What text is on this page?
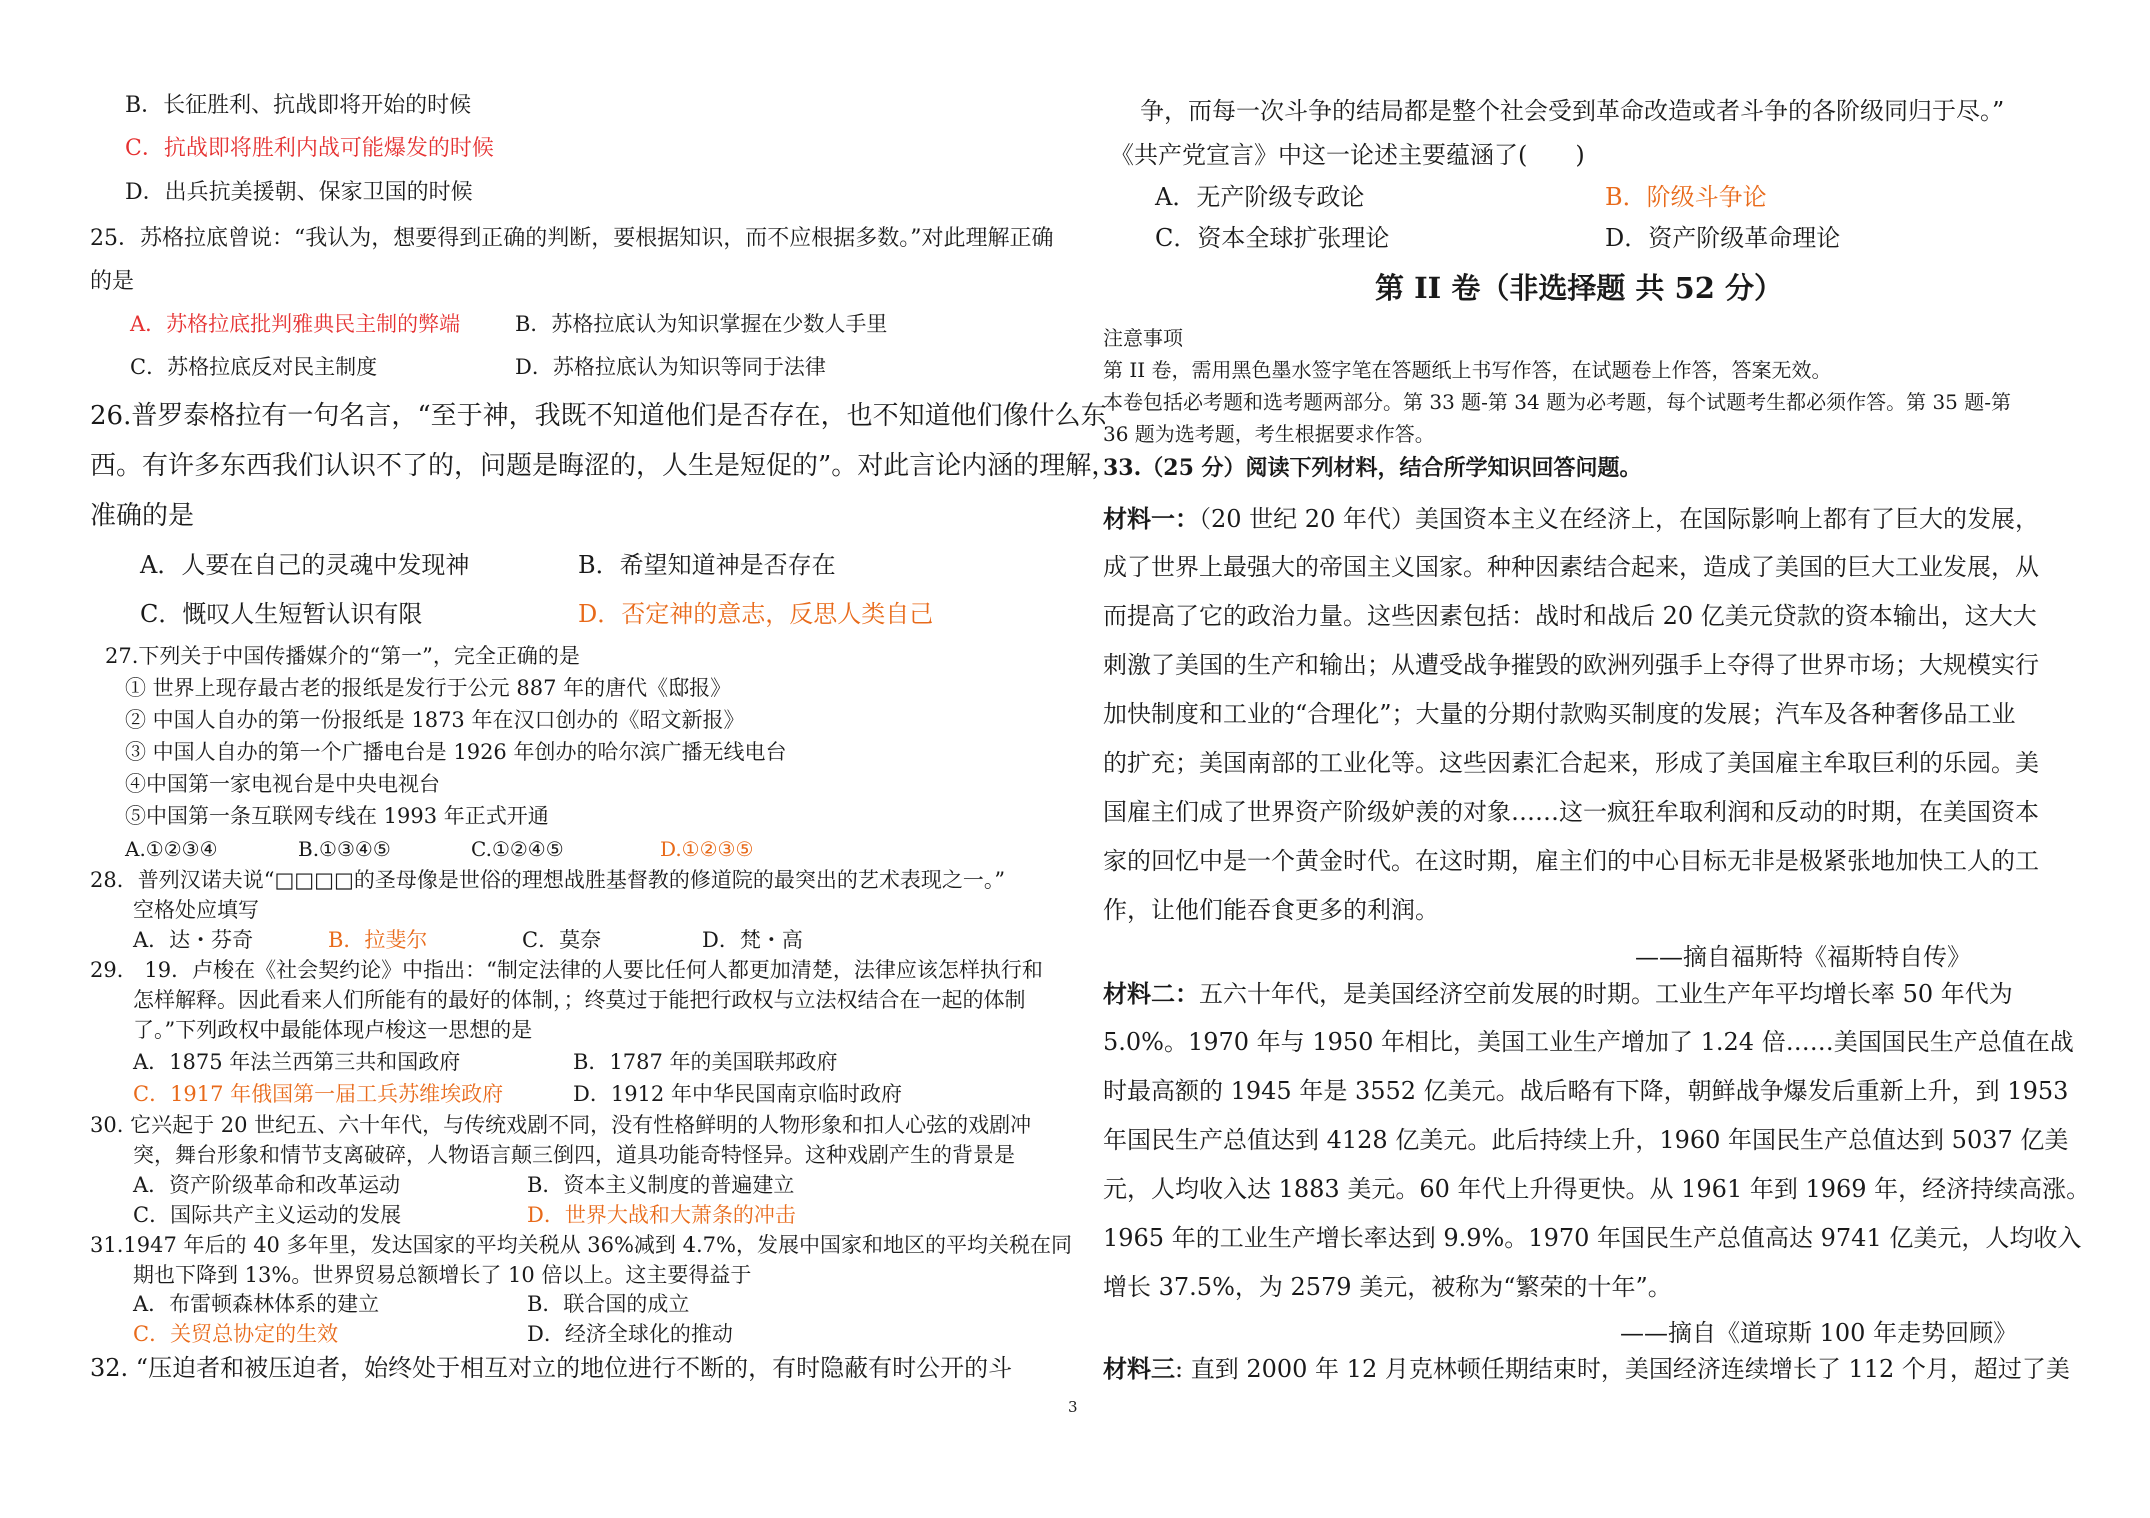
B．长征胜利、抗战即将开始的时候
C．抗战即将胜利内战可能爆发的时候
D．出兵抗美援朝、保家卫国的时候
25．苏格拉底曾说：“我认为，想要得到正确的判断，要根据知识，而不应根据多数。”对此理解正确
的是
A．苏格拉底批判雅典民主制的弊端	B．苏格拉底认为知识掌握在少数人手里
C．苏格拉底反对民主制度	D．苏格拉底认为知识等同于法律
26.普罗泰格拉有一句名言，“至于神，我既不知道他们是否存在，也不知道他们像什么东
西。有许多东西我们认识不了的，问题是晦涩的，人生是短促的”。对此言论内涵的理解，
准确的是
A．人要在自己的灵魂中发现神	B．希望知道神是否存在
C．慨叹人生短暂认识有限	D．否定神的意志，反思人类自己
27.下列关于中国传播媒介的“第一”，完全正确的是
① 世界上现存最古老的报纸是发行于公元 887 年的唐代《邸报》
② 中国人自办的第一份报纸是 1873 年在汉口创办的《昭文新报》
③ 中国人自办的第一个广播电台是 1926 年创办的哈尔滨广播无线电台
④中国第一家电视台是中央电视台
⑤中国第一条互联网专线在 1993 年正式开通
A.①②③④	B.①③④⑤	C.①②④⑤	D.①②③⑤
28．普列汉诺夫说“□□□□的圣母像是世俗的理想战胜基督教的修道院的最突出的艺术表现之一。”
空格处应填写
A．达・芬奇	B．拉斐尔	C．莫奈	D．梵・高
29． 19．卢梭在《社会契约论》中指出：“制定法律的人要比任何人都更加清楚，法律应该怎样执行和
怎样解释。因此看来人们所能有的最好的体制，；终莫过于能把行政权与立法权结合在一起的体制
了。”下列政权中最能体现卢梭这一思想的是
A．1875 年法兰西第三共和国政府	B．1787 年的美国联邦政府
C．1917 年俄国第一届工兵苏维埃政府	D．1912 年中华民国南京临时政府
30. 它兴起于 20 世纪五、六十年代，与传统戏剧不同，没有性格鲜明的人物形象和扣人心弦的戏剧冲
突，舞台形象和情节支离破碎，人物语言颠三倒四，道具功能奇特怪异。这种戏剧产生的背景是
A．资产阶级革命和改革运动	B．资本主义制度的普遍建立
C．国际共产主义运动的发展	D．世界大战和大萧条的冲击
31.1947 年后的 40 多年里，发达国家的平均关税从 36%减到 4.7%，发展中国家和地区的平均关税在同
期也下降到 13%。世界贸易总额增长了 10 倍以上。这主要得益于
A．布雷顿森林体系的建立	B．联合国的成立
C．关贸总协定的生效	D．经济全球化的推动
32. “压迫者和被压迫者，始终处于相互对立的地位进行不断的，有时隐蔽有时公开的斗
争，而每一次斗争的结局都是整个社会受到革命改造或者斗争的各阶级同归于尽。”
《共产党宣言》中这一论述主要蕴涵了(　　)
A．无产阶级专政论	B．阶级斗争论
C．资本全球扩张理论	D．资产阶级革命理论
第 II 卷（非选择题 共 52 分）
注意事项
第 II 卷，需用黑色墨水签字笔在答题纸上书写作答，在试题卷上作答，答案无效。
本卷包括必考题和选考题两部分。第 33 题-第 34 题为必考题，每个试题考生都必须作答。第 35 题-第
36 题为选考题，考生根据要求作答。
33.（25 分）阅读下列材料，结合所学知识回答问题。
材料一：（20 世纪 20 年代）美国资本主义在经济上，在国际影响上都有了巨大的发展，
成了世界上最强大的帝国主义国家。种种因素结合起来，造成了美国的巨大工业发展，从
而提高了它的政治力量。这些因素包括：战时和战后 20 亿美元贷款的资本输出，这大大
刺激了美国的生产和输出；从遭受战争摧毁的欧洲列强手上夺得了世界市场；大规模实行
加快制度和工业的“合理化”；大量的分期付款购买制度的发展；汽车及各种奢侈品工业
的扩充；美国南部的工业化等。这些因素汇合起来，形成了美国雇主牟取巨利的乐园。美
国雇主们成了世界资产阶级妒羡的对象……这一疯狂牟取利润和反动的时期，在美国资本
家的回忆中是一个黄金时代。在这时期，雇主们的中心目标无非是极紧张地加快工人的工
作，让他们能吞食更多的利润。
——摘自福斯特《福斯特自传》
材料二：五六十年代，是美国经济空前发展的时期。工业生产年平均增长率 50 年代为
5.0%。1970 年与 1950 年相比，美国工业生产增加了 1.24 倍……美国国民生产总值在战
时最高额的 1945 年是 3552 亿美元。战后略有下降，朝鲜战争爆发后重新上升，到 1953
年国民生产总值达到 4128 亿美元。此后持续上升，1960 年国民生产总值达到 5037 亿美
元，人均收入达 1883 美元。60 年代上升得更快。从 1961 年到 1969 年，经济持续高涨。
1965 年的工业生产增长率达到 9.9%。1970 年国民生产总值高达 9741 亿美元，人均收入
增长 37.5%，为 2579 美元，被称为“繁荣的十年”。
——摘自《道琼斯 100 年走势回顾》
材料三: 直到 2000 年 12 月克林顿任期结束时，美国经济连续增长了 112 个月，超过了美
3
